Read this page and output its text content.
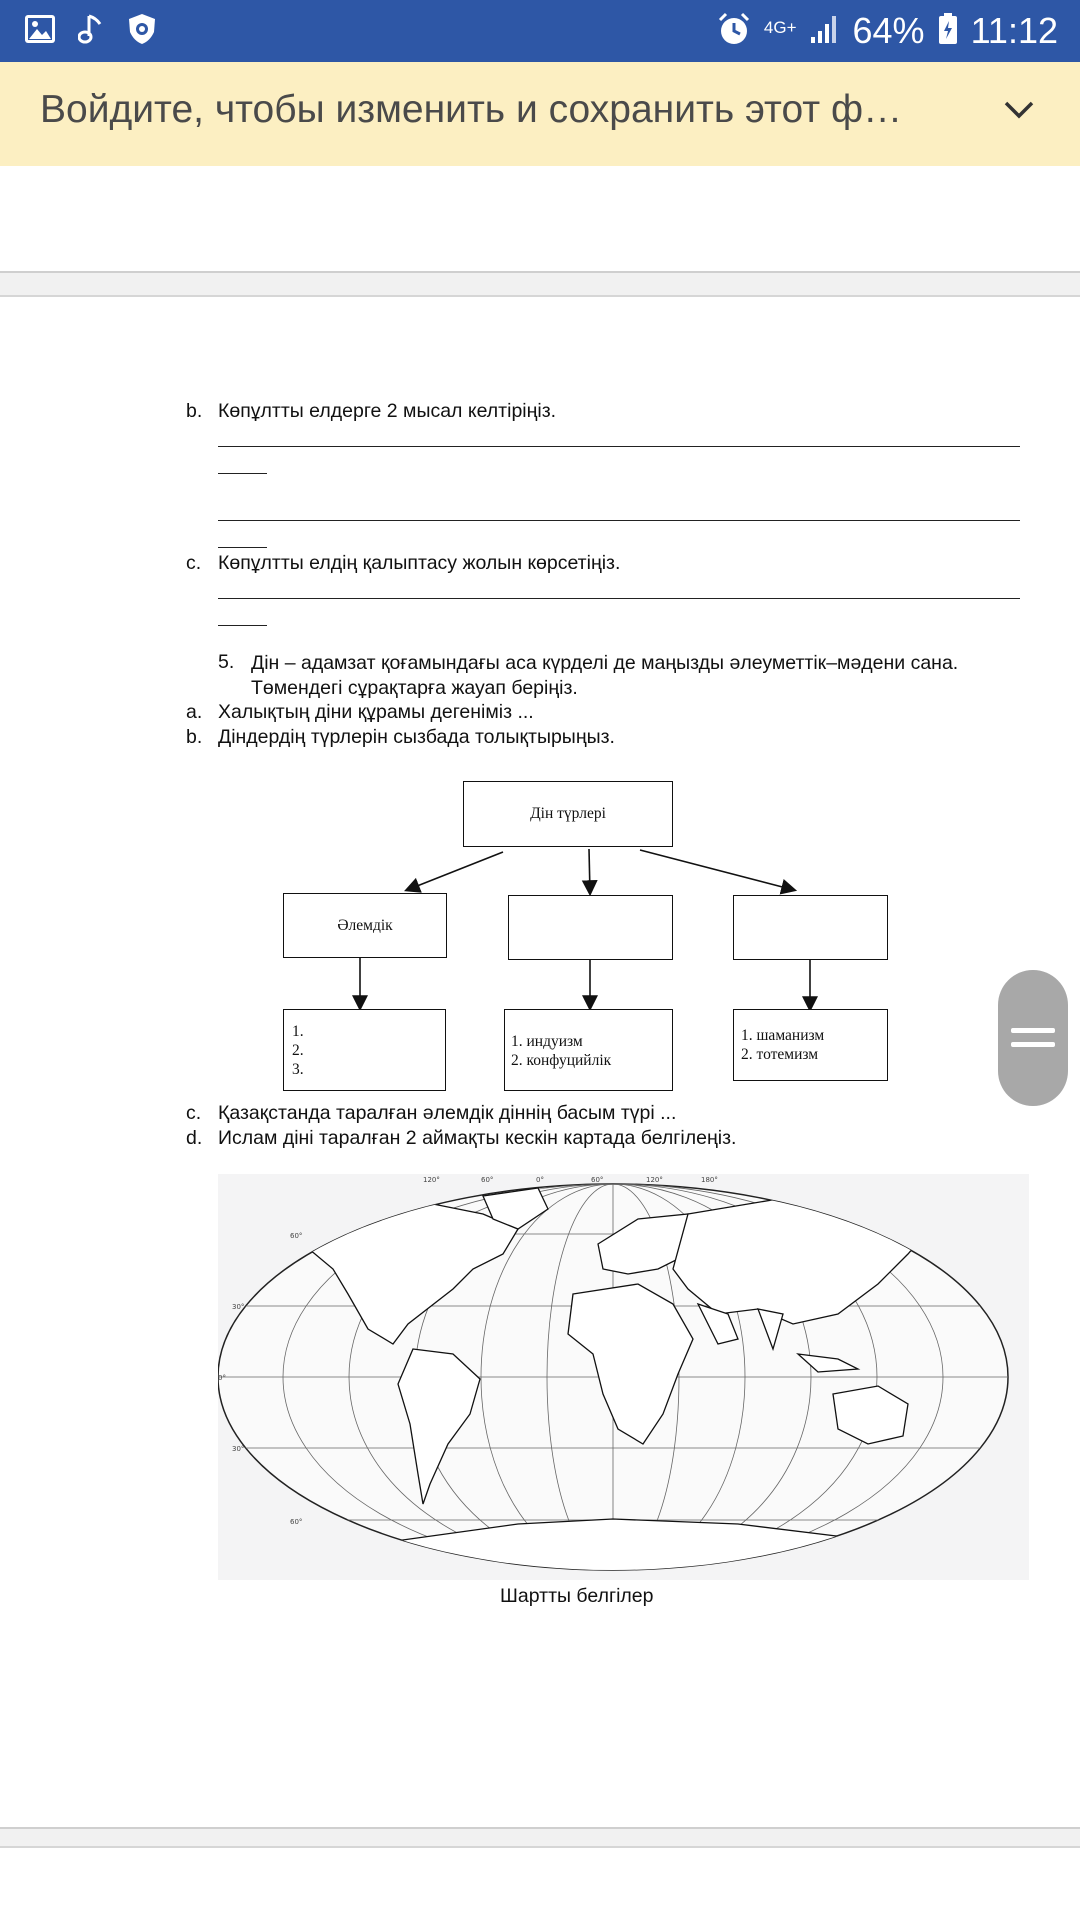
4G+ 64% 11:12
Войдите, чтобы изменить и сохранить этот ф…
b. Көпұлтты елдерге 2 мысал келтіріңіз.
c. Көпұлтты елдің қалыптасу жолын көрсетіңіз.
5. Дін – адамзат қоғамындағы аса күрделі де маңызды әлеуметтік–мәдени сана. Төмендегі сұрақтарға жауап беріңіз.
a. Халықтың діни құрамы дегеніміз ...
b. Діндердің түрлерін сызбада толықтырыңыз.
Дін түрлері
Әлемдік
1.
2.
3.
1. индуизм
2. конфуцийлік
1. шаманизм
2. тотемизм
c. Қазақстанда таралған әлемдік діннің басым түрі ...
d. Ислам діні таралған 2 аймақты кескін картада белгілеңіз.
Шартты белгілер
120°	60°	0°	60°	120°	180°
60°
30°
0°
30°
60°
